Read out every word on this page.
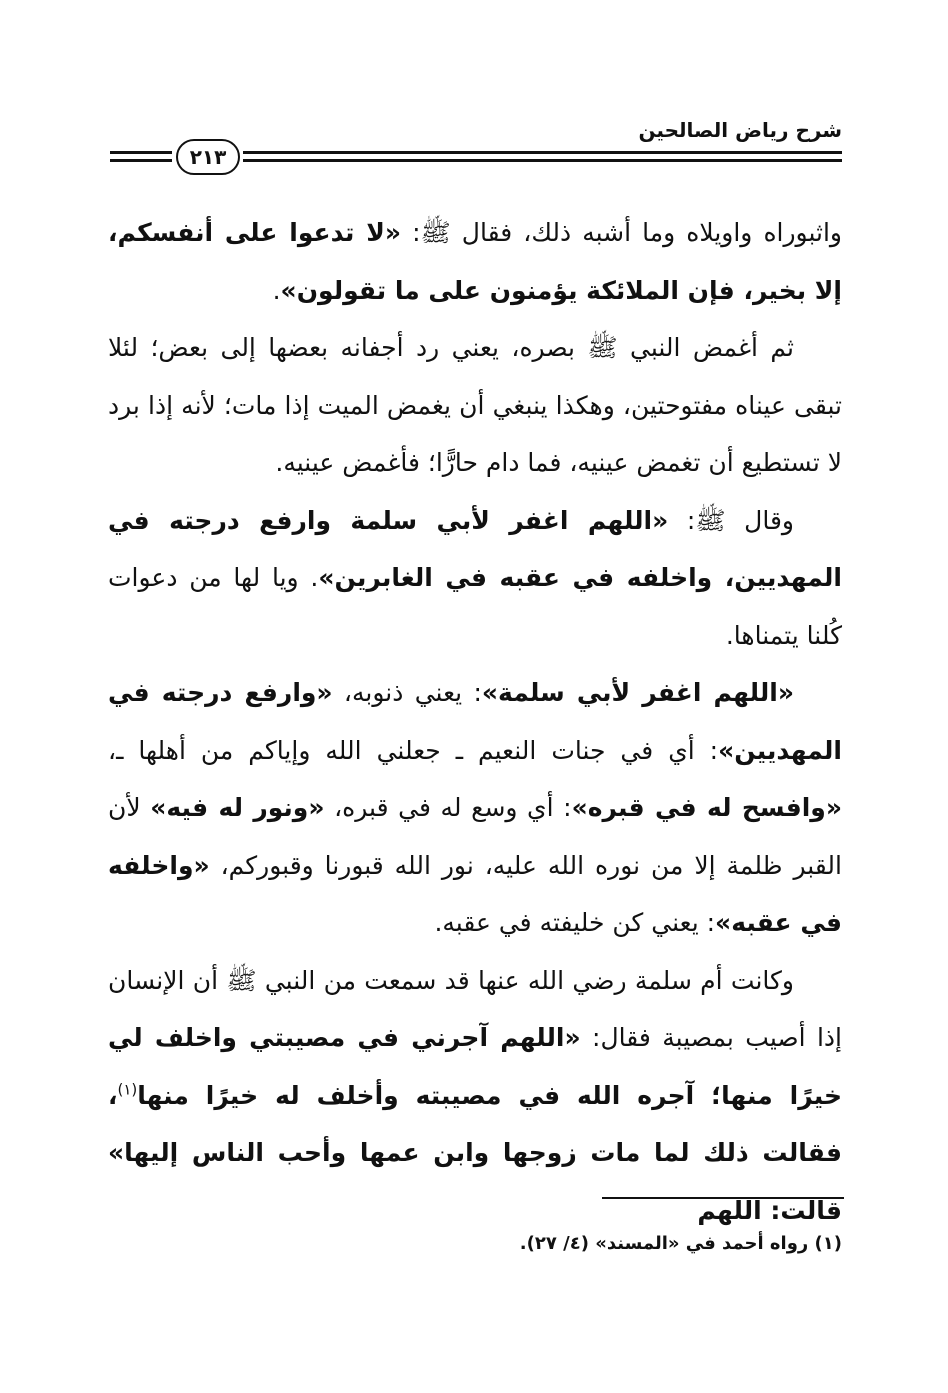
شرح رياض الصالحين
٢١٣

واثبوراه واويلاه وما أشبه ذلك، فقال ﷺ: «لا تدعوا على أنفسكم، إلا بخير، فإن الملائكة يؤمنون على ما تقولون».

ثم أغمض النبي ﷺ بصره، يعني رد أجفانه بعضها إلى بعض؛ لئلا تبقى عيناه مفتوحتين، وهكذا ينبغي أن يغمض الميت إذا مات؛ لأنه إذا برد لا تستطيع أن تغمض عينيه، فما دام حارًّا؛ فأغمض عينيه.

وقال ﷺ: «اللهم اغفر لأبي سلمة وارفع درجته في المهديين، واخلفه في عقبه في الغابرين». ويا لها من دعوات كُلنا يتمناها.

«اللهم اغفر لأبي سلمة»: يعني ذنوبه، «وارفع درجته في المهديين»: أي في جنات النعيم ـ جعلني الله وإياكم من أهلها ـ، «وافسح له في قبره»: أي وسع له في قبره، «ونور له فيه» لأن القبر ظلمة إلا من نوره الله عليه، نور الله قبورنا وقبوركم، «واخلفه في عقبه»: يعني كن خليفته في عقبه.

وكانت أم سلمة رضي الله عنها قد سمعت من النبي ﷺ أن الإنسان إذا أصيب بمصيبة فقال: «اللهم آجرني في مصيبتي واخلف لي خيرًا منها؛ آجره الله في مصيبته وأخلف له خيرًا منها$^{(١)}$، فقالت ذلك لما مات زوجها وابن عمها وأحب الناس إليها» قالت: اللهم

(١) رواه أحمد في «المسند» (٤/ ٢٧).
